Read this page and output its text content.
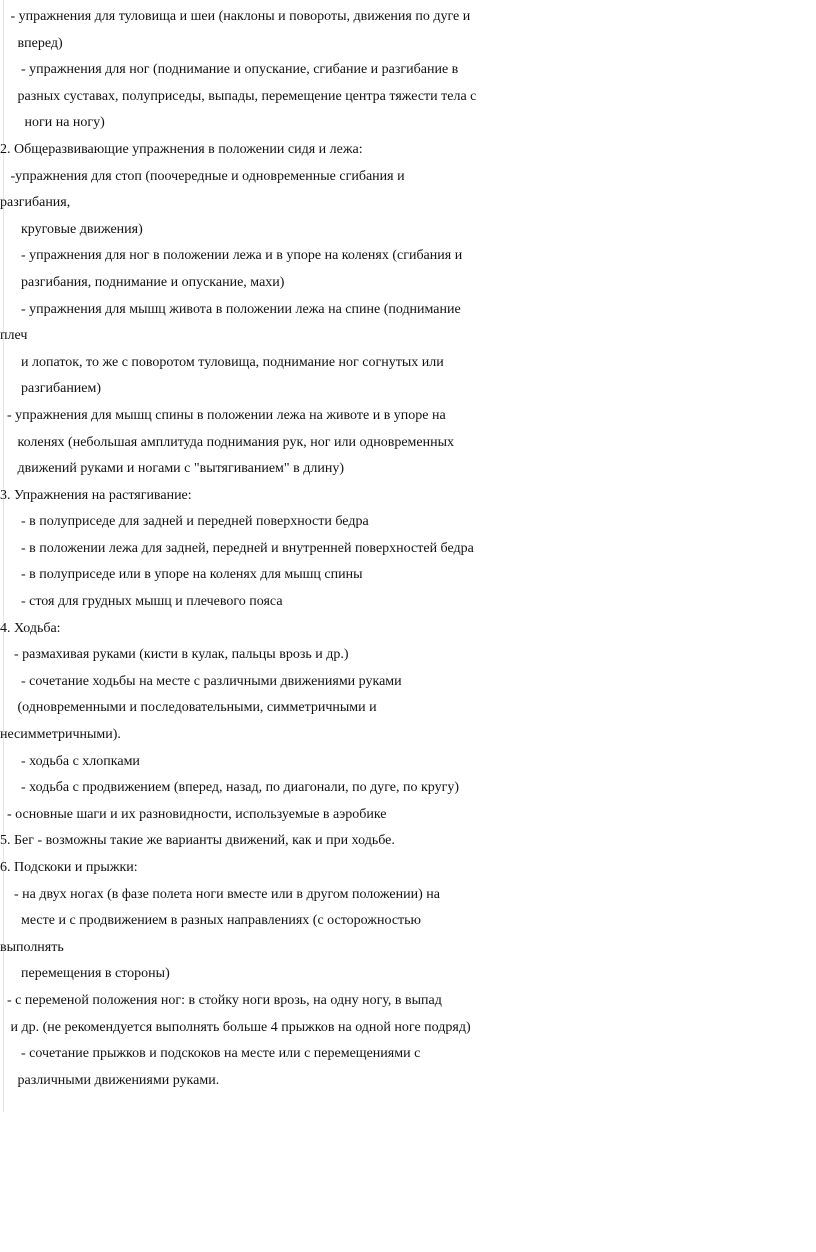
- упражнения для туловища и шеи (наклоны и повороты, движения по дуге и
вперед)
- упражнения для ног (поднимание и опускание, сгибание и разгибание в
разных суставах, полуприседы, выпады, перемещение центра тяжести тела с
ноги на ногу)
2. Общеразвивающие упражнения в положении сидя и лежа:
-упражнения для стоп (поочередные и одновременные сгибания и
разгибания,
круговые движения)
- упражнения для ног в положении лежа и в упоре на коленях (сгибания и
разгибания, поднимание и опускание, махи)
- упражнения для мышц живота в положении лежа на спине (поднимание
плеч
и лопаток, то же с поворотом туловища, поднимание ног согнутых или
разгибанием)
- упражнения для мышц спины в положении лежа на животе и в упоре на
коленях (небольшая амплитуда поднимания рук, ног или одновременных
движений руками и ногами с "вытягиванием" в длину)
3. Упражнения на растягивание:
- в полуприседе для задней и передней поверхности бедра
- в положении лежа для задней, передней и внутренней поверхностей бедра
- в полуприседе или в упоре на коленях для мышц спины
- стоя для грудных мышц и плечевого пояса
4. Ходьба:
- размахивая руками (кисти в кулак, пальцы врозь и др.)
- сочетание ходьбы на месте с различными движениями руками
(одновременными и последовательными, симметричными и
несимметричными).
- ходьба с хлопками
- ходьба с продвижением (вперед, назад, по диагонали, по дуге, по кругу)
- основные шаги и их разновидности, используемые в аэробике
5. Бег - возможны такие же варианты движений, как и при ходьбе.
6. Подскоки и прыжки:
- на двух ногах (в фазе полета ноги вместе или в другом положении) на
месте и с продвижением в разных направлениях (с осторожностью
выполнять
перемещения в стороны)
- с переменой положения ног: в стойку ноги врозь, на одну ногу, в выпад
и др. (не рекомендуется выполнять больше 4 прыжков на одной ноге подряд)
- сочетание прыжков и подскоков на месте или с перемещениями с
различными движениями руками.
